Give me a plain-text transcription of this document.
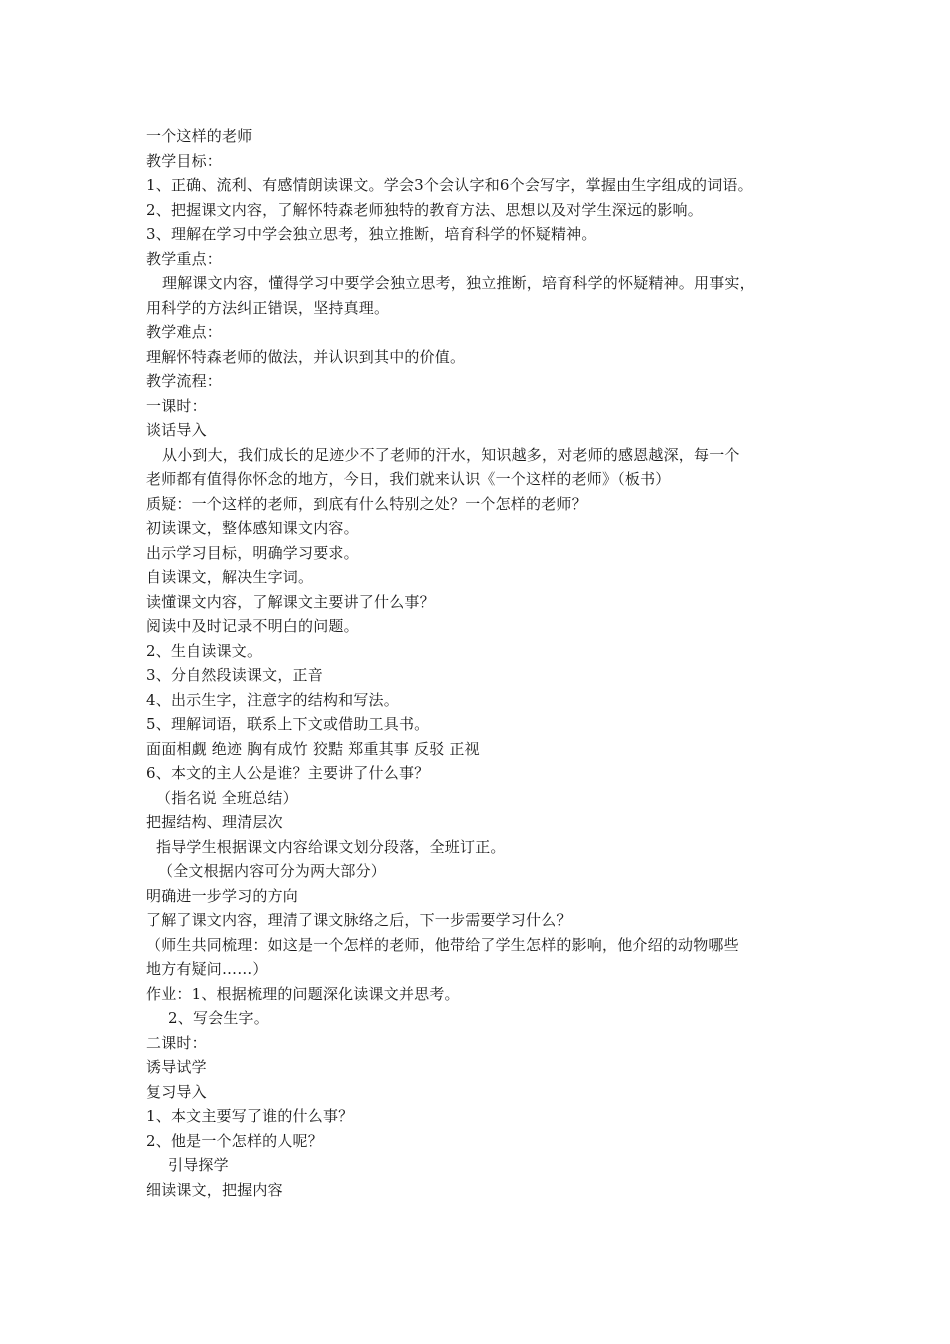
一个这样的老师
教学目标：
1、正确、流利、有感情朗读课文。学会3个会认字和6个会写字，掌握由生字组成的词语。
2、把握课文内容，了解怀特森老师独特的教育方法、思想以及对学生深远的影响。
3、理解在学习中学会独立思考，独立推断，培育科学的怀疑精神。
教学重点：
理解课文内容，懂得学习中要学会独立思考，独立推断，培育科学的怀疑精神。用事实，
用科学的方法纠正错误，坚持真理。
教学难点：
理解怀特森老师的做法，并认识到其中的价值。
教学流程：
一课时：
谈话导入
从小到大，我们成长的足迹少不了老师的汗水，知识越多，对老师的感恩越深，每一个
老师都有值得你怀念的地方，今日，我们就来认识《一个这样的老师》（板书）
质疑：一个这样的老师，到底有什么特别之处？一个怎样的老师？
初读课文，整体感知课文内容。
出示学习目标，明确学习要求。
自读课文，解决生字词。
读懂课文内容，了解课文主要讲了什么事？
阅读中及时记录不明白的问题。
2、生自读课文。
3、分自然段读课文，正音
4、出示生字，注意字的结构和写法。
5、理解词语，联系上下文或借助工具书。
面面相觑 绝迹 胸有成竹 狡黠 郑重其事 反驳 正视
6、本文的主人公是谁？主要讲了什么事？
（指名说 全班总结）
把握结构、理清层次
指导学生根据课文内容给课文划分段落，全班订正。
（全文根据内容可分为两大部分）
明确进一步学习的方向
了解了课文内容，理清了课文脉络之后，下一步需要学习什么？
（师生共同梳理：如这是一个怎样的老师，他带给了学生怎样的影响，他介绍的动物哪些
地方有疑问……）
作业：1、根据梳理的问题深化读课文并思考。
2、写会生字。
二课时：
诱导试学
复习导入
1、本文主要写了谁的什么事？
2、他是一个怎样的人呢？
引导探学
细读课文，把握内容
